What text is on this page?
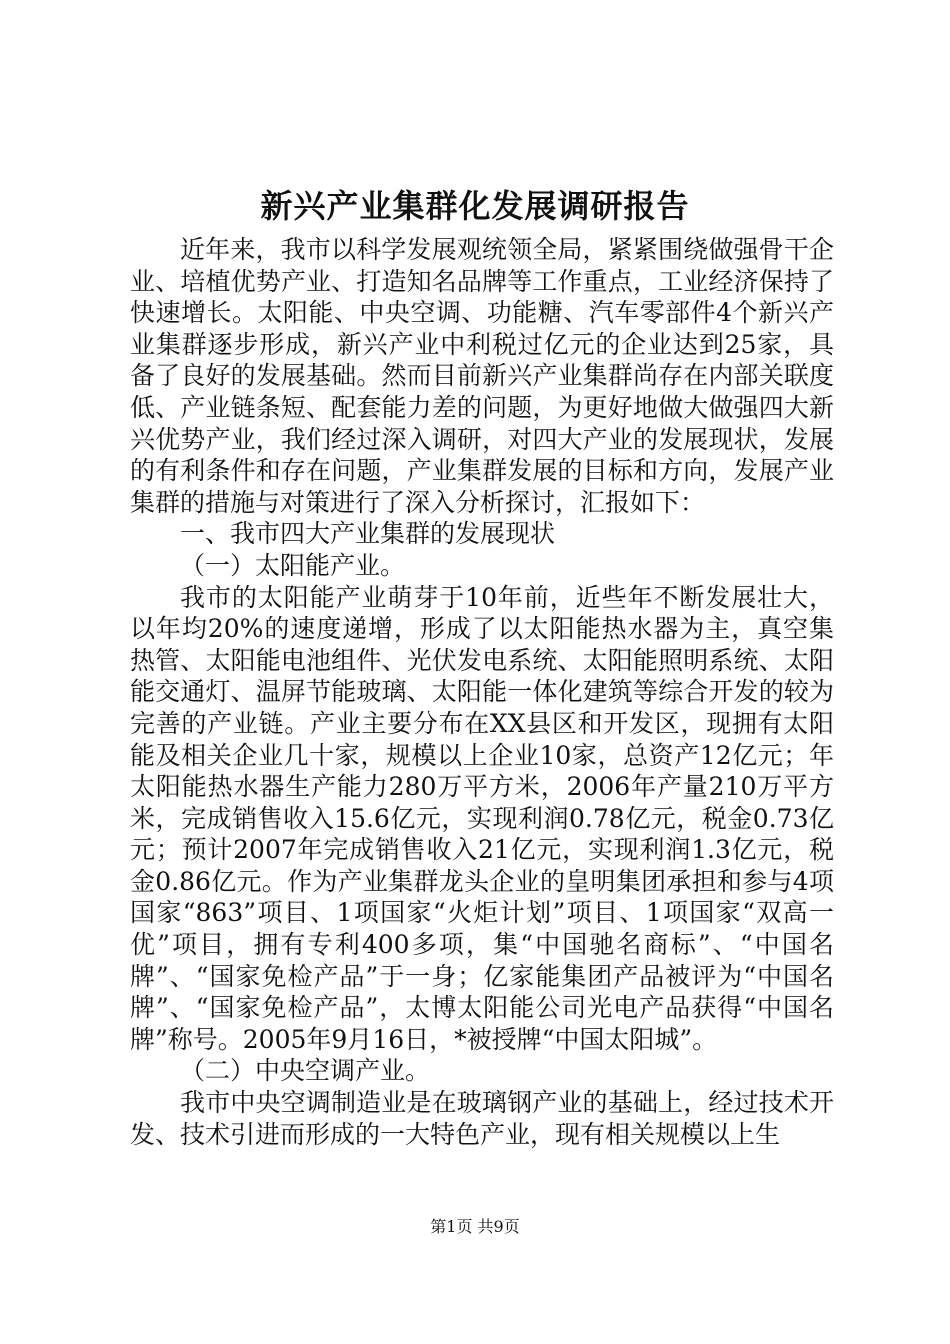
新兴产业集群化发展调研报告

近年来，我市以科学发展观统领全局，紧紧围绕做强骨干企业、培植优势产业、打造知名品牌等工作重点，工业经济保持了快速增长。太阳能、中央空调、功能糖、汽车零部件4个新兴产业集群逐步形成，新兴产业中利税过亿元的企业达到25家，具备了良好的发展基础。然而目前新兴产业集群尚存在内部关联度低、产业链条短、配套能力差的问题，为更好地做大做强四大新兴优势产业，我们经过深入调研，对四大产业的发展现状，发展的有利条件和存在问题，产业集群发展的目标和方向，发展产业集群的措施与对策进行了深入分析探讨，汇报如下：

一、我市四大产业集群的发展现状

（一）太阳能产业。

我市的太阳能产业萌芽于10年前，近些年不断发展壮大，以年均20%的速度递增，形成了以太阳能热水器为主，真空集热管、太阳能电池组件、光伏发电系统、太阳能照明系统、太阳能交通灯、温屏节能玻璃、太阳能一体化建筑等综合开发的较为完善的产业链。产业主要分布在XX县区和开发区，现拥有太阳能及相关企业几十家，规模以上企业10家，总资产12亿元；年太阳能热水器生产能力280万平方米，2006年产量210万平方米，完成销售收入15.6亿元，实现利润0.78亿元，税金0.73亿元；预计2007年完成销售收入21亿元，实现利润1.3亿元，税金0.86亿元。作为产业集群龙头企业的皇明集团承担和参与4项国家“863”项目、1项国家“火炬计划”项目、1项国家“双高一优”项目，拥有专利400多项，集“中国驰名商标”、“中国名牌”、“国家免检产品”于一身；亿家能集团产品被评为“中国名牌”、“国家免检产品”，太博太阳能公司光电产品获得“中国名牌”称号。2005年9月16日，*被授牌“中国太阳城”。

（二）中央空调产业。

我市中央空调制造业是在玻璃钢产业的基础上，经过技术开发、技术引进而形成的一大特色产业，现有相关规模以上生

第1页 共9页
